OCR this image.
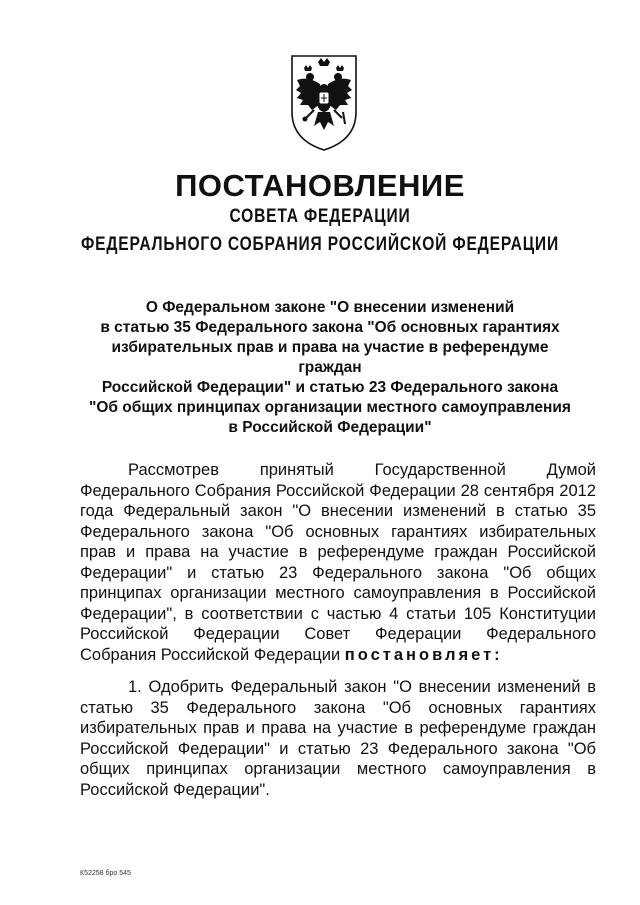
ПОСТАНОВЛЕНИЕ
СОВЕТА ФЕДЕРАЦИИ
ФЕДЕРАЛЬНОГО СОБРАНИЯ РОССИЙСКОЙ ФЕДЕРАЦИИ
О Федеральном законе "О внесении изменений
в статью 35 Федерального закона "Об основных гарантиях
избирательных прав и права на участие в референдуме граждан
Российской Федерации" и статью 23 Федерального закона
"Об общих принципах организации местного самоуправления
в Российской Федерации"

Рассмотрев принятый Государственной Думой Федерального Собрания Российской Федерации 28 сентября 2012 года Федеральный закон "О внесении изменений в статью 35 Федерального закона "Об основных гарантиях избирательных прав и права на участие в референдуме граждан Российской Федерации" и статью 23 Федерального закона "Об общих принципах организации местного самоуправления в Российской Федерации", в соответствии с частью 4 статьи 105 Конституции Российской Федерации Совет Федерации Федерального Собрания Российской Федерации постановляет:

1. Одобрить Федеральный закон "О внесении изменений в статью 35 Федерального закона "Об основных гарантиях избирательных прав и права на участие в референдуме граждан Российской Федерации" и статью 23 Федерального закона "Об общих принципах организации местного самоуправления в Российской Федерации".

К52258 бро 545
